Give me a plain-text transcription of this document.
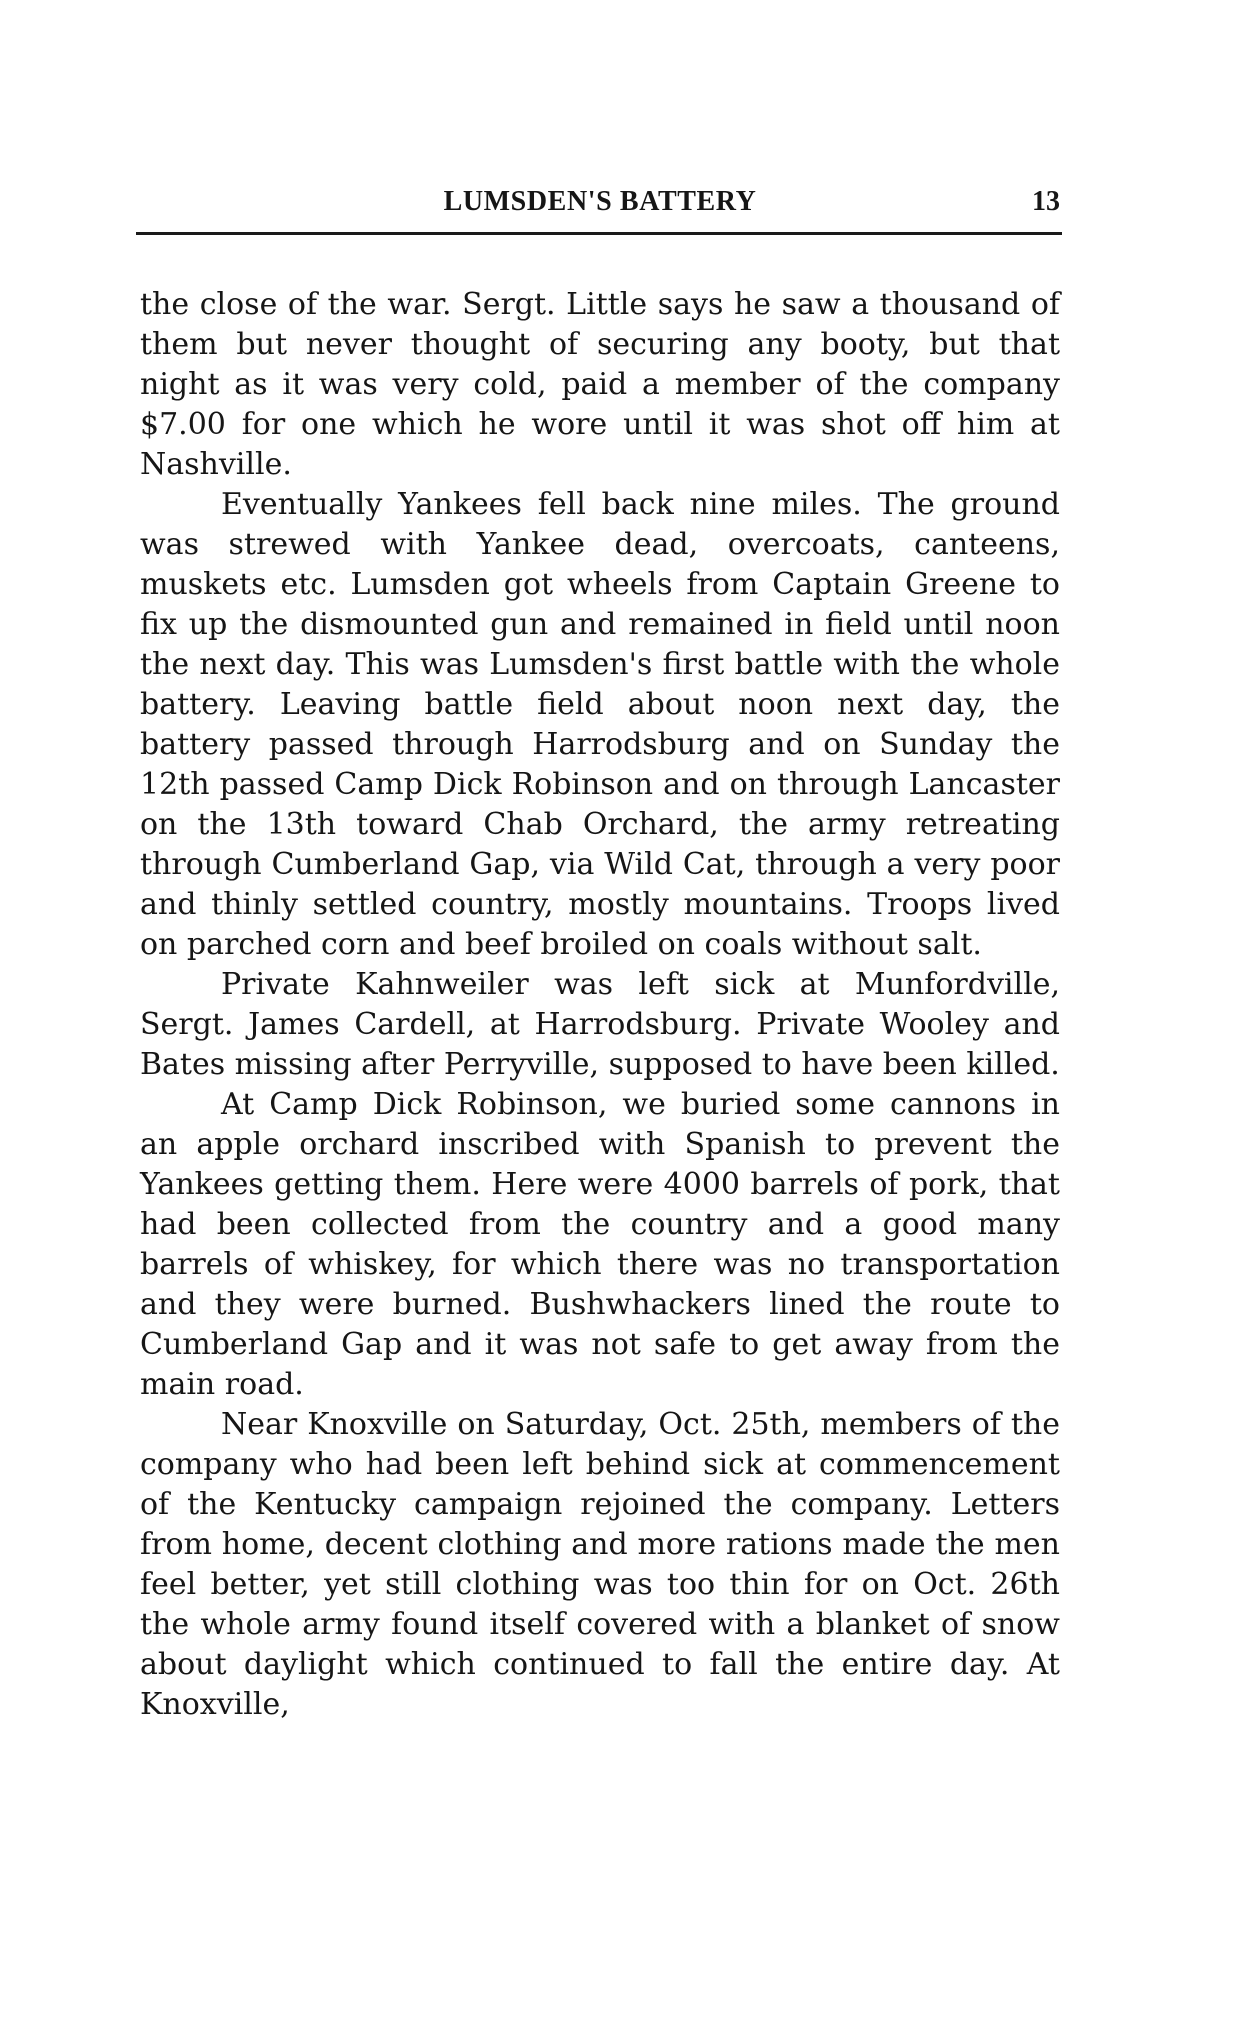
LUMSDEN'S BATTERY	13

the close of the war. Sergt. Little says he saw a thousand of them but never thought of securing any booty, but that night as it was very cold, paid a member of the company $7.00 for one which he wore until it was shot off him at Nashville.

Eventually Yankees fell back nine miles. The ground was strewed with Yankee dead, overcoats, canteens, muskets etc. Lumsden got wheels from Captain Greene to fix up the dismounted gun and remained in field until noon the next day. This was Lumsden's first battle with the whole battery. Leaving battle field about noon next day, the battery passed through Harrodsburg and on Sunday the 12th passed Camp Dick Robinson and on through Lancaster on the 13th toward Chab Orchard, the army retreating through Cumberland Gap, via Wild Cat, through a very poor and thinly settled country, mostly mountains. Troops lived on parched corn and beef broiled on coals without salt.

Private Kahnweiler was left sick at Munfordville, Sergt. James Cardell, at Harrodsburg. Private Wooley and Bates missing after Perryville, supposed to have been killed.

At Camp Dick Robinson, we buried some cannons in an apple orchard inscribed with Spanish to prevent the Yankees getting them. Here were 4000 barrels of pork, that had been collected from the country and a good many barrels of whiskey, for which there was no transportation and they were burned. Bushwhackers lined the route to Cumberland Gap and it was not safe to get away from the main road.

Near Knoxville on Saturday, Oct. 25th, members of the company who had been left behind sick at commencement of the Kentucky campaign rejoined the company. Letters from home, decent clothing and more rations made the men feel better, yet still clothing was too thin for on Oct. 26th the whole army found itself covered with a blanket of snow about daylight which continued to fall the entire day. At Knoxville,
